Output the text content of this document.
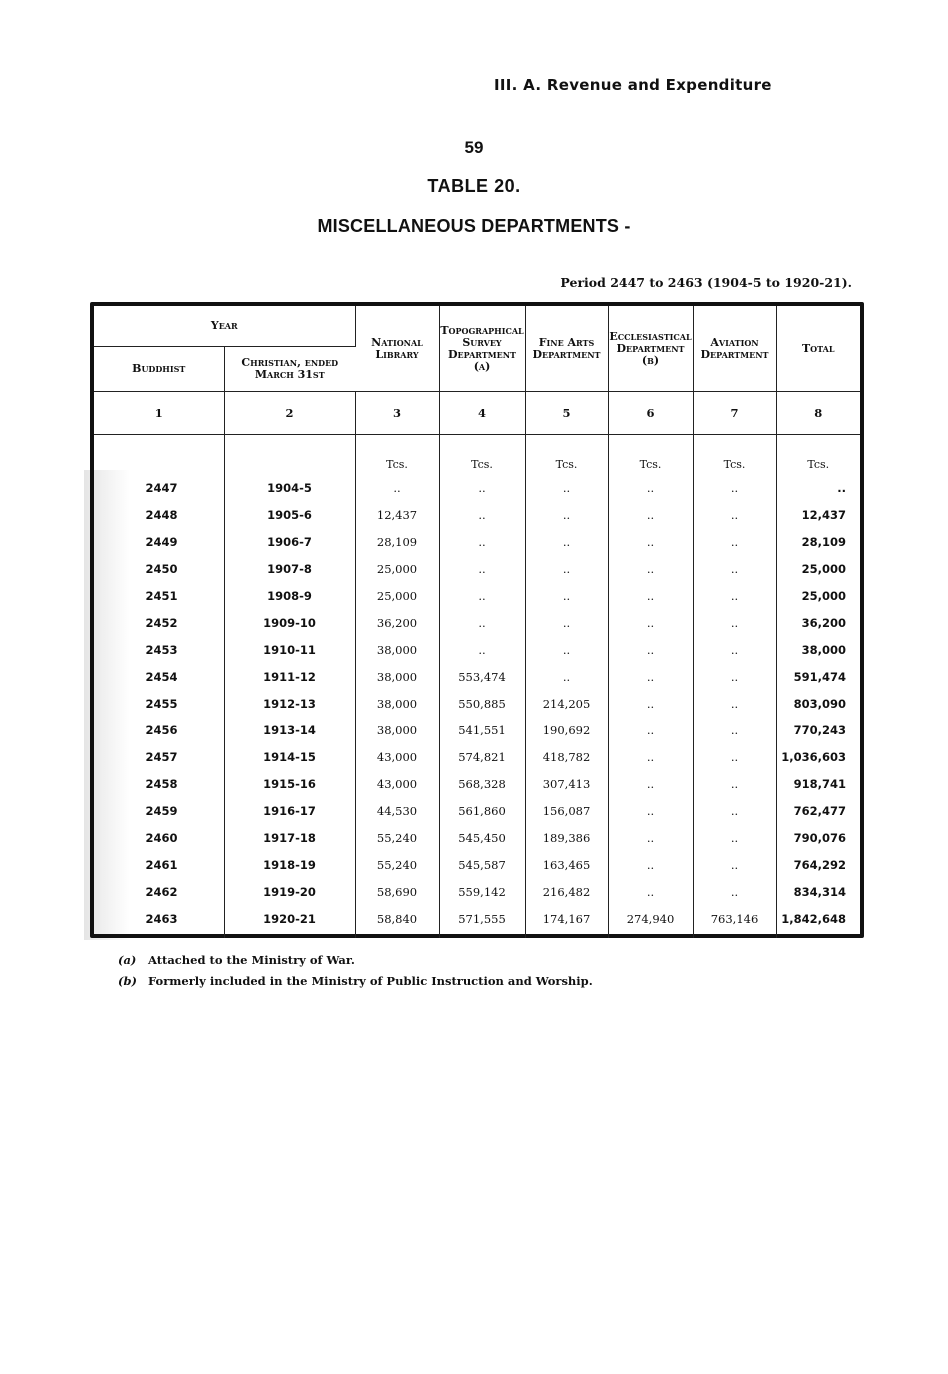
III. A. Revenue and Expenditure
59
TABLE 20.
MISCELLANEOUS DEPARTMENTS -
Period 2447 to 2463 (1904-5 to 1920-21).
Year		National Library	Topographical Survey Department (a)	Fine Arts Department	Ecclesiastical Department (b)	Aviation Department	Total
Buddhist	Christian, ended March 31st						
1	2	3	4	5	6	7	8
		Tcs.	Tcs.	Tcs.	Tcs.	Tcs.	Tcs.
2447	1904-5	..	..	..	..	..	..
2448	1905-6	12,437	..	..	..	..	12,437
2449	1906-7	28,109	..	..	..	..	28,109
2450	1907-8	25,000	..	..	..	..	25,000
2451	1908-9	25,000	..	..	..	..	25,000
2452	1909-10	36,200	..	..	..	..	36,200
2453	1910-11	38,000	..	..	..	..	38,000
2454	1911-12	38,000	553,474	..	..	..	591,474
2455	1912-13	38,000	550,885	214,205	..	..	803,090
2456	1913-14	38,000	541,551	190,692	..	..	770,243
2457	1914-15	43,000	574,821	418,782	..	..	1,036,603
2458	1915-16	43,000	568,328	307,413	..	..	918,741
2459	1916-17	44,530	561,860	156,087	..	..	762,477
2460	1917-18	55,240	545,450	189,386	..	..	790,076
2461	1918-19	55,240	545,587	163,465	..	..	764,292
2462	1919-20	58,690	559,142	216,482	..	..	834,314
2463	1920-21	58,840	571,555	174,167	274,940	763,146	1,842,648
(a) Attached to the Ministry of War.
(b) Formerly included in the Ministry of Public Instruction and Worship.
